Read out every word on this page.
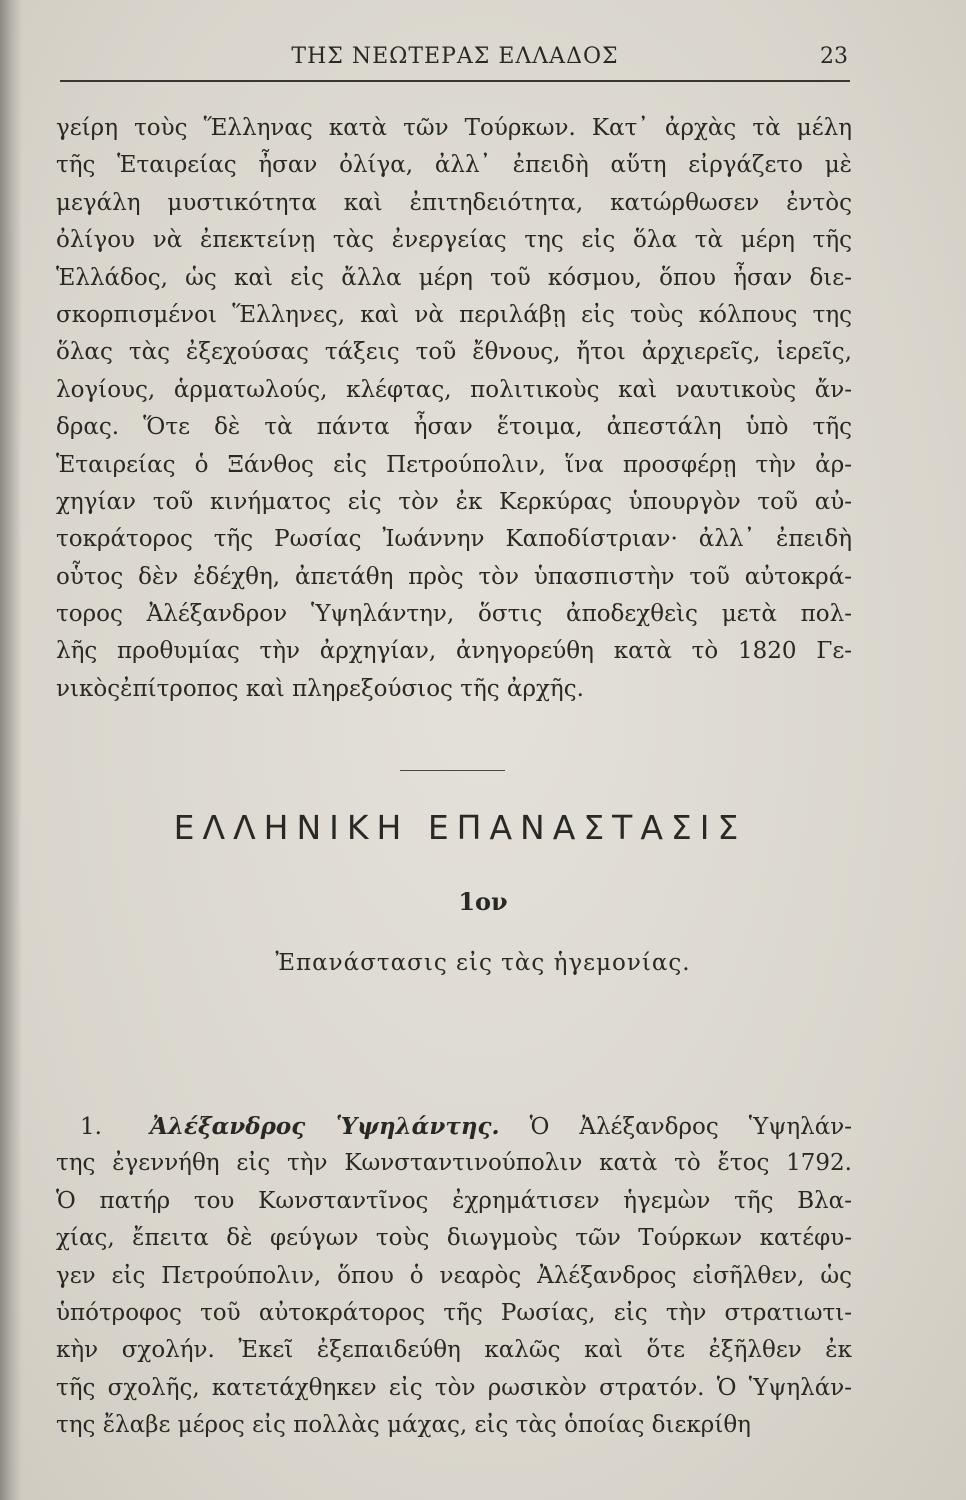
ΤΗΣ ΝΕΩΤΕΡΑΣ ΕΛΛΑΔΟΣ	23
γείρη τοὺς Ἕλληνας κατὰ τῶν Τούρκων. Κατ᾽ ἀρχὰς τὰ μέλη
τῆς Ἑταιρείας ἦσαν ὀλίγα, ἀλλ᾽ ἐπειδὴ αὕτη εἰργάζετο μὲ
μεγάλη μυστικότητα καὶ ἐπιτηδειότητα, κατώρθωσεν ἐντὸς
ὀλίγου νὰ ἐπεκτείνῃ τὰς ἐνεργείας της εἰς ὅλα τὰ μέρη τῆς
Ἑλλάδος, ὡς καὶ εἰς ἄλλα μέρη τοῦ κόσμου, ὅπου ἦσαν διε-
σκορπισμένοι Ἕλληνες, καὶ νὰ περιλάβῃ εἰς τοὺς κόλπους της
ὅλας τὰς ἐξεχούσας τάξεις τοῦ ἔθνους, ἤτοι ἀρχιερεῖς, ἱερεῖς,
λογίους, ἁρματωλούς, κλέφτας, πολιτικοὺς καὶ ναυτικοὺς ἄν-
δρας. Ὅτε δὲ τὰ πάντα ἦσαν ἕτοιμα, ἀπεστάλη ὑπὸ τῆς
Ἑταιρείας ὁ Ξάνθος εἰς Πετρούπολιν, ἵνα προσφέρῃ τὴν ἀρ-
χηγίαν τοῦ κινήματος εἰς τὸν ἐκ Κερκύρας ὑπουργὸν τοῦ αὐ-
τοκράτορος τῆς Ρωσίας Ἰωάννην Καποδίστριαν· ἀλλ᾽ ἐπειδὴ
οὗτος δὲν ἐδέχθη, ἀπετάθη πρὸς τὸν ὑπασπιστὴν τοῦ αὐτοκρά-
τορος Ἀλέξανδρον Ὑψηλάντην, ὅστις ἀποδεχθεὶς μετὰ πολ-
λῆς προθυμίας τὴν ἀρχηγίαν, ἀνηγορεύθη κατὰ τὸ 1820 Γε-
νικὸςἐπίτροπος καὶ πληρεξούσιος τῆς ἀρχῆς.
ΕΛΛΗΝΙΚΗ ΕΠΑΝΑΣΤΑΣΙΣ
1ον
Ἐπανάστασις εἰς τὰς ἡγεμονίας.
1. Ἀλέξανδρος Ὑψηλάντης. Ὁ Ἀλέξανδρος Ὑψηλάν-
της ἐγεννήθη εἰς τὴν Κωνσταντινούπολιν κατὰ τὸ ἔτος 1792.
Ὁ πατήρ του Κωνσταντῖνος ἐχρημάτισεν ἡγεμὼν τῆς Βλα-
χίας, ἔπειτα δὲ φεύγων τοὺς διωγμοὺς τῶν Τούρκων κατέφυ-
γεν εἰς Πετρούπολιν, ὅπου ὁ νεαρὸς Ἀλέξανδρος εἰσῆλθεν, ὡς
ὑπότροφος τοῦ αὐτοκράτορος τῆς Ρωσίας, εἰς τὴν στρατιωτι-
κὴν σχολήν. Ἐκεῖ ἐξεπαιδεύθη καλῶς καὶ ὅτε ἐξῆλθεν ἐκ
τῆς σχολῆς, κατετάχθηκεν εἰς τὸν ρωσικὸν στρατόν. Ὁ Ὑψηλάν-
της ἔλαβε μέρος εἰς πολλὰς μάχας, εἰς τὰς ὁποίας διεκρίθη
